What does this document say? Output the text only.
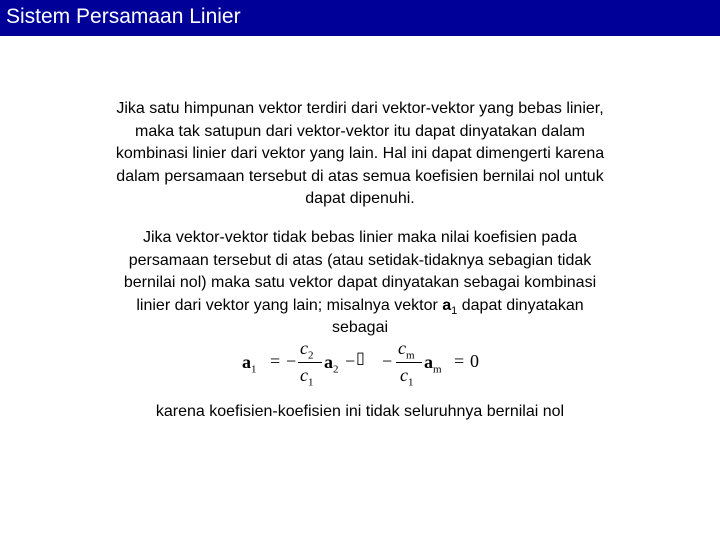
Sistem Persamaan Linier
Jika satu himpunan vektor terdiri dari vektor-vektor yang bebas linier,
maka tak satupun dari vektor-vektor itu dapat dinyatakan dalam
kombinasi linier dari vektor yang lain. Hal ini dapat dimengerti karena
dalam persamaan tersebut di atas semua koefisien bernilai nol untuk
dapat dipenuhi.
Jika vektor-vektor tidak bebas linier maka nilai koefisien pada
persamaan tersebut di atas (atau setidak-tidaknya sebagian tidak
bernilai nol) maka satu vektor dapat dinyatakan sebagai kombinasi
linier dari vektor yang lain; misalnya vektor $a_1$ dapat dinyatakan
sebagai
$a_1$ = −
$c_2$
$c_1$
$a_2$ − ▯ −
$c_m$
$c_1$
$a_m = 0$
karena koefisien-koefisien ini tidak seluruhnya bernilai nol
